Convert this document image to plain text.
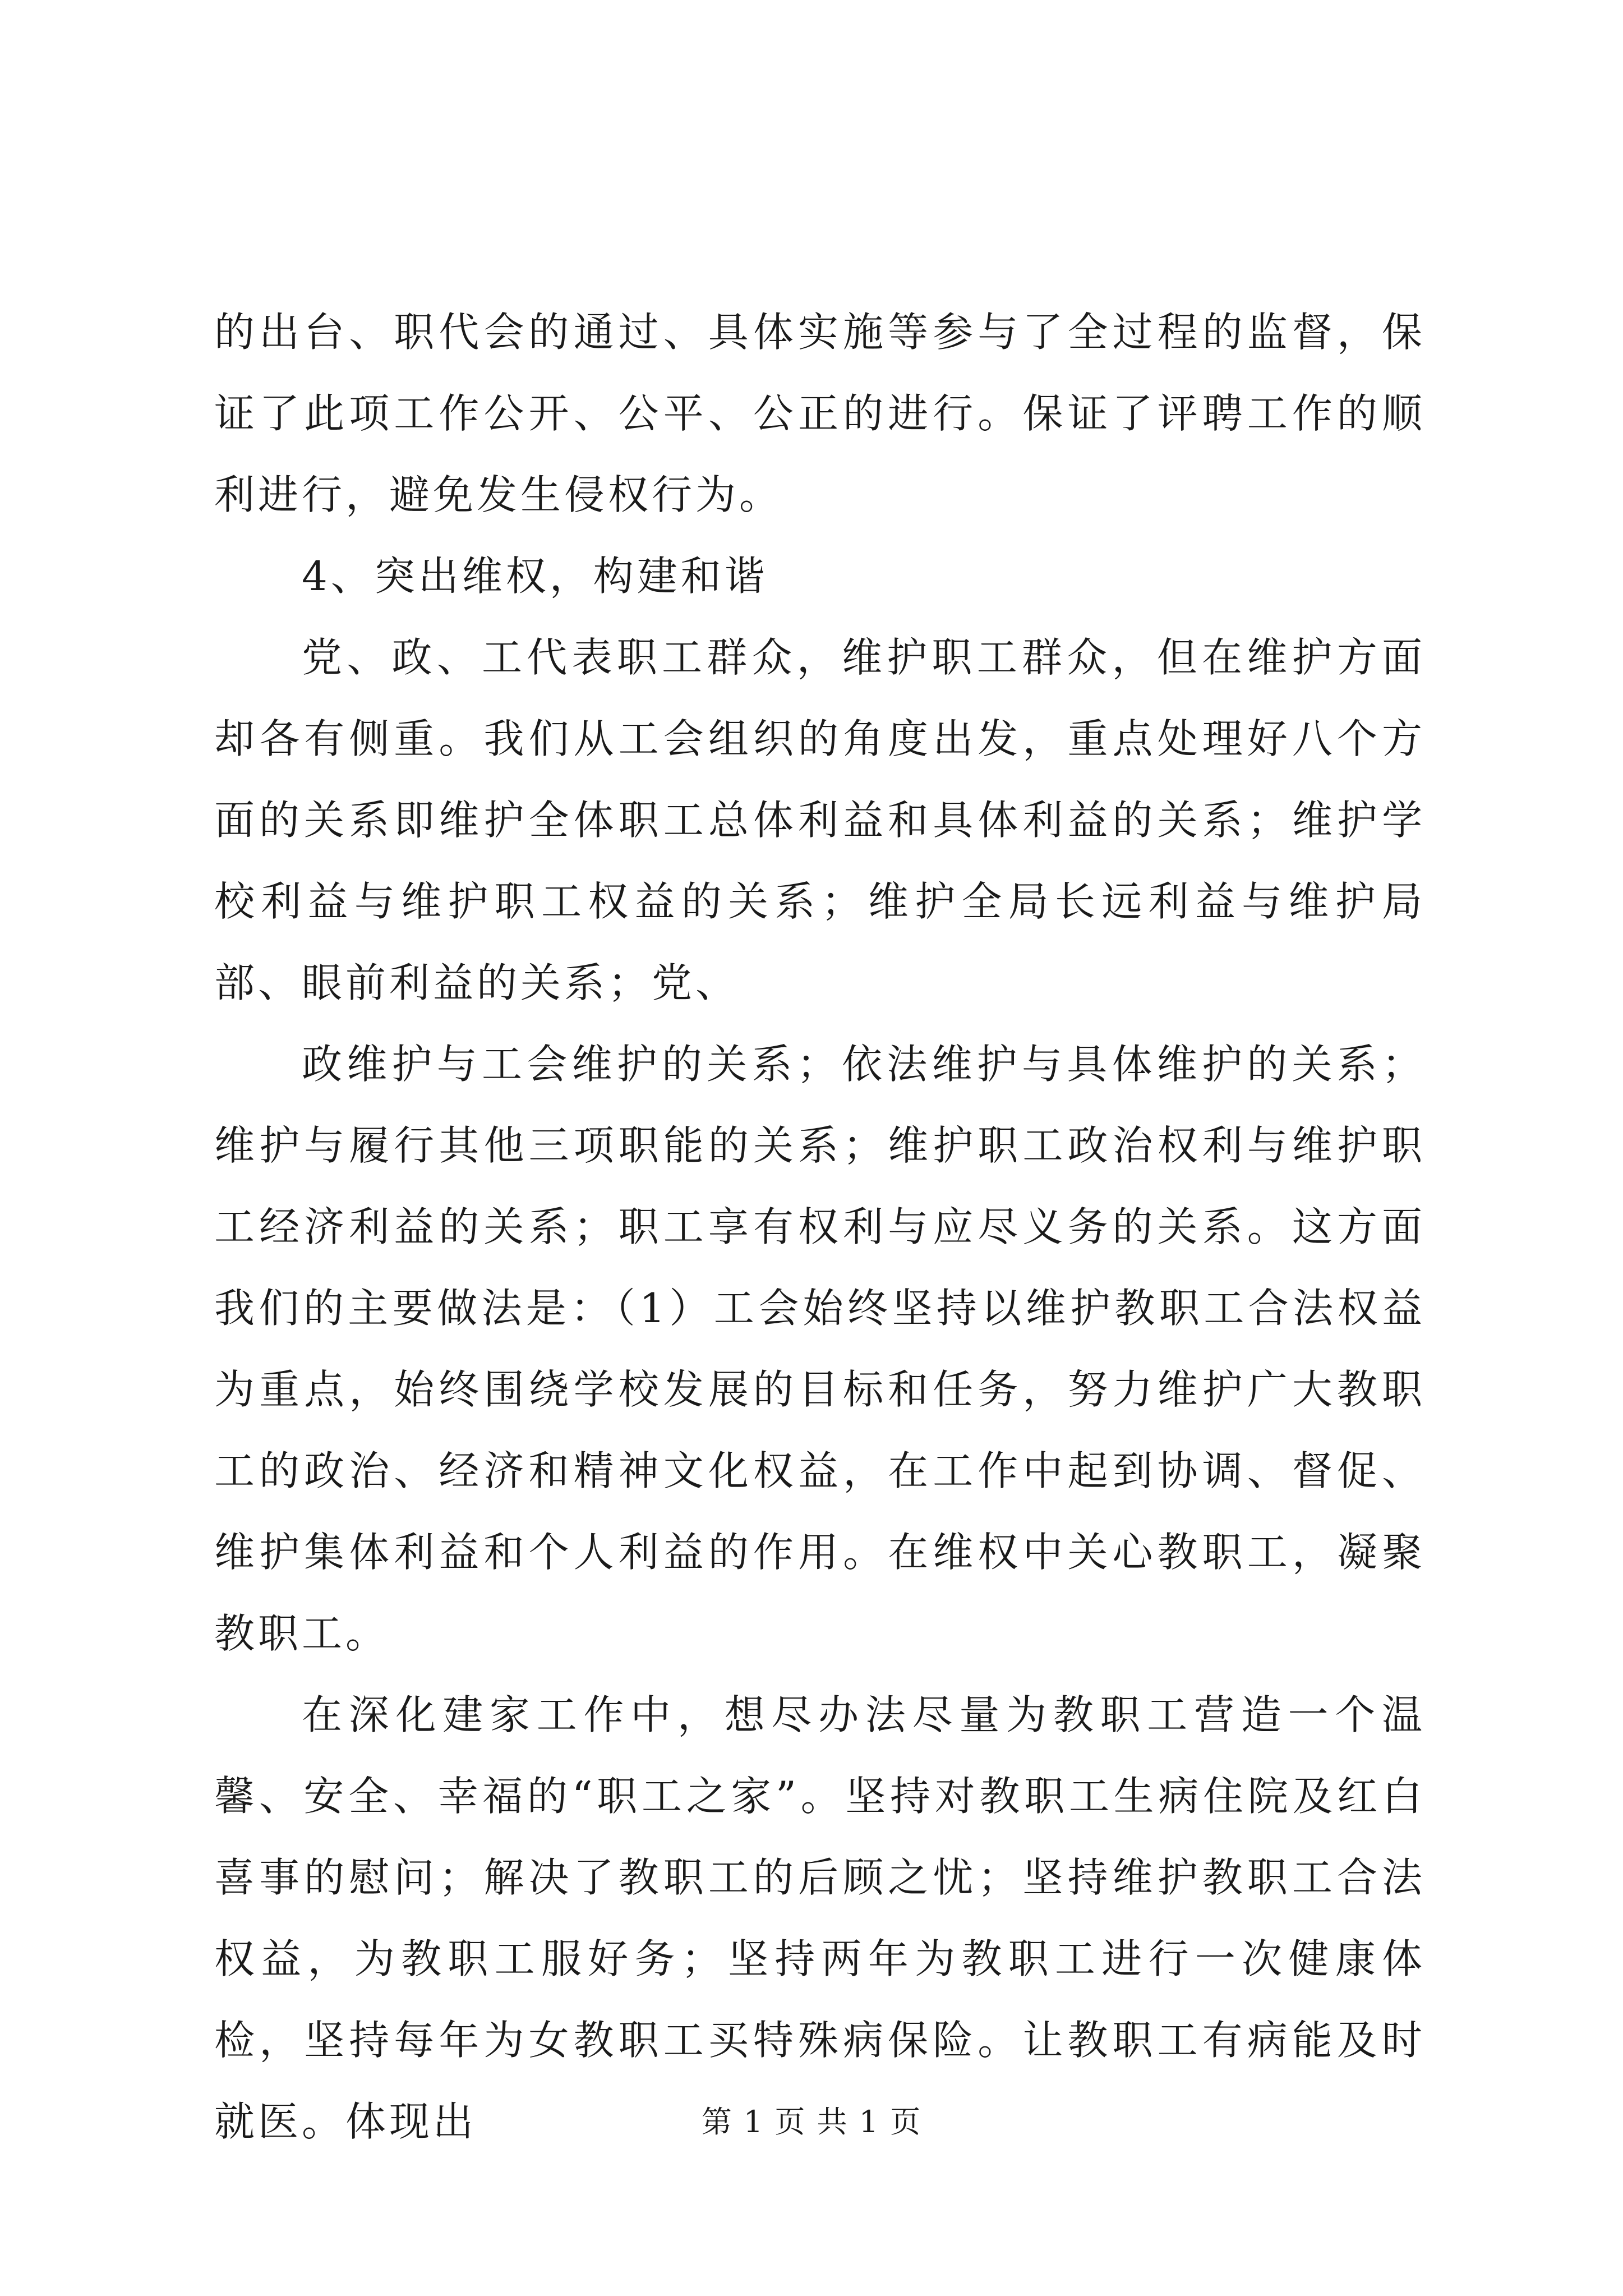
的出台、职代会的通过、具体实施等参与了全过程的监督，保证了此项工作公开、公平、公正的进行。保证了评聘工作的顺利进行，避免发生侵权行为。

4、突出维权，构建和谐

党、政、工代表职工群众，维护职工群众，但在维护方面却各有侧重。我们从工会组织的角度出发，重点处理好八个方面的关系即维护全体职工总体利益和具体利益的关系；维护学校利益与维护职工权益的关系；维护全局长远利益与维护局部、眼前利益的关系；党、

政维护与工会维护的关系；依法维护与具体维护的关系；维护与履行其他三项职能的关系；维护职工政治权利与维护职工经济利益的关系；职工享有权利与应尽义务的关系。这方面我们的主要做法是：（1）工会始终坚持以维护教职工合法权益为重点，始终围绕学校发展的目标和任务，努力维护广大教职工的政治、经济和精神文化权益，在工作中起到协调、督促、维护集体利益和个人利益的作用。在维权中关心教职工，凝聚教职工。

在深化建家工作中，想尽办法尽量为教职工营造一个温馨、安全、幸福的“职工之家”。坚持对教职工生病住院及红白喜事的慰问；解决了教职工的后顾之忧；坚持维护教职工合法权益，为教职工服好务；坚持两年为教职工进行一次健康体检，坚持每年为女教职工买特殊病保险。让教职工有病能及时就医。体现出	第 1 页 共 1 页
